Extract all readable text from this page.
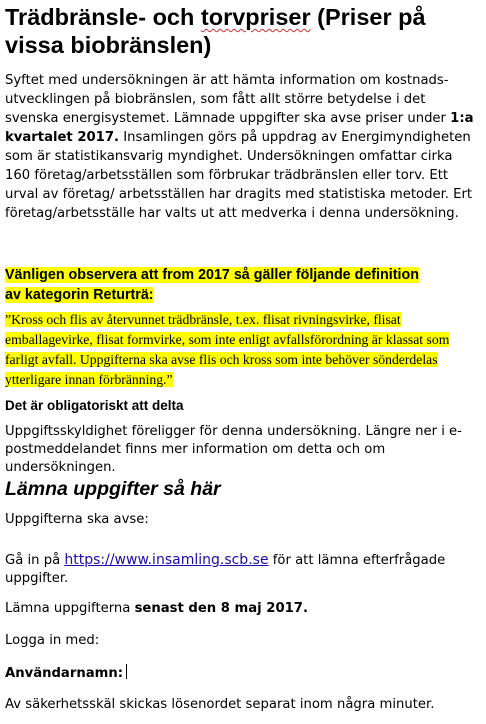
Trädbränsle- och torvpriser (Priser på vissa biobränslen)
Syftet med undersökningen är att hämta information om kostnads-utvecklingen på biobränslen, som fått allt större betydelse i det svenska energisystemet. Lämnade uppgifter ska avse priser under 1:a kvartalet 2017. Insamlingen görs på uppdrag av Energimyndigheten som är statistikansvarig myndighet. Undersökningen omfattar cirka 160 företag/arbetsställen som förbrukar trädbränslen eller torv. Ett urval av företag/ arbetsställen har dragits med statistiska metoder. Ert företag/arbetsställe har valts ut att medverka i denna undersökning.
Vänligen observera att from 2017 så gäller följande definition av kategorin Returträ:
”Kross och flis av återvunnet trädbränsle, t.ex. flisat rivningsvirke, flisat emballagevirke, flisat formvirke, som inte enligt avfallsförordning är klassat som farligt avfall. Uppgifterna ska avse flis och kross som inte behöver sönderdelas ytterligare innan förbränning.”
Det är obligatoriskt att delta
Uppgiftsskyldighet föreligger för denna undersökning. Längre ner i e-postmeddelandet finns mer information om detta och om undersökningen.
Lämna uppgifter så här
Uppgifterna ska avse:
Gå in på https://www.insamling.scb.se för att lämna efterfrågade uppgifter.
Lämna uppgifterna senast den 8 maj 2017.
Logga in med:
Användarnamn:
Av säkerhetsskäl skickas lösenordet separat inom några minuter.
